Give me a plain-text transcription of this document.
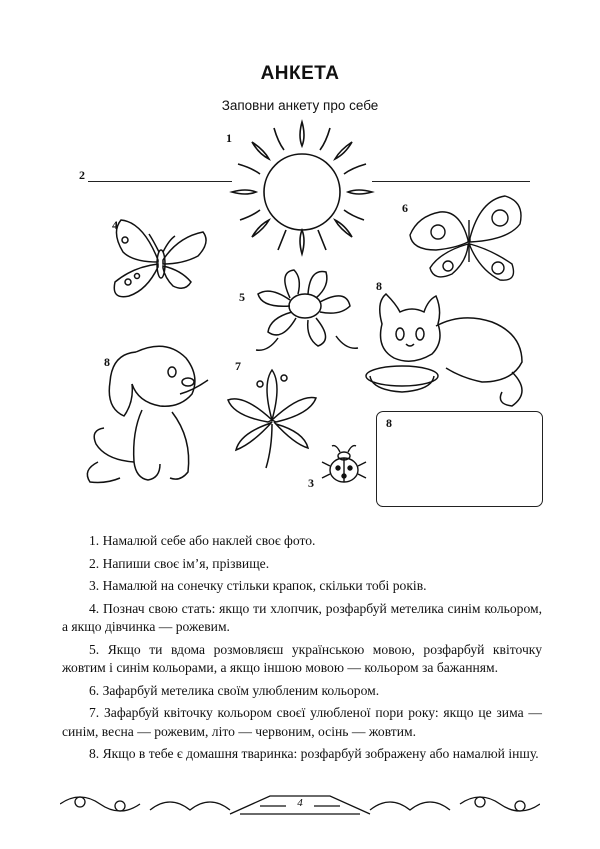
АНКЕТА
Заповни анкету про себе
1
2
3
4
5
6
7
8
8
8

1. Намалюй себе або наклей своє фото.

2. Напиши своє ім’я, прізвище.

3. Намалюй на сонечку стільки крапок, скільки тобі років.

4. Познач свою стать: якщо ти хлопчик, розфарбуй метелика синім кольором, а якщо дівчинка — рожевим.

5. Якщо ти вдома розмовляєш українською мовою, розфарбуй квіточку жовтим і синім кольорами, а якщо іншою мовою — кольором за бажанням.

6. Зафарбуй метелика своїм улюбленим кольором.

7. Зафарбуй квіточку кольором своєї улюбленої пори року: якщо це зима — синім, весна — рожевим, літо — червоним, осінь — жовтим.

8. Якщо в тебе є домашня тваринка: розфарбуй зображену або намалюй іншу.

4
